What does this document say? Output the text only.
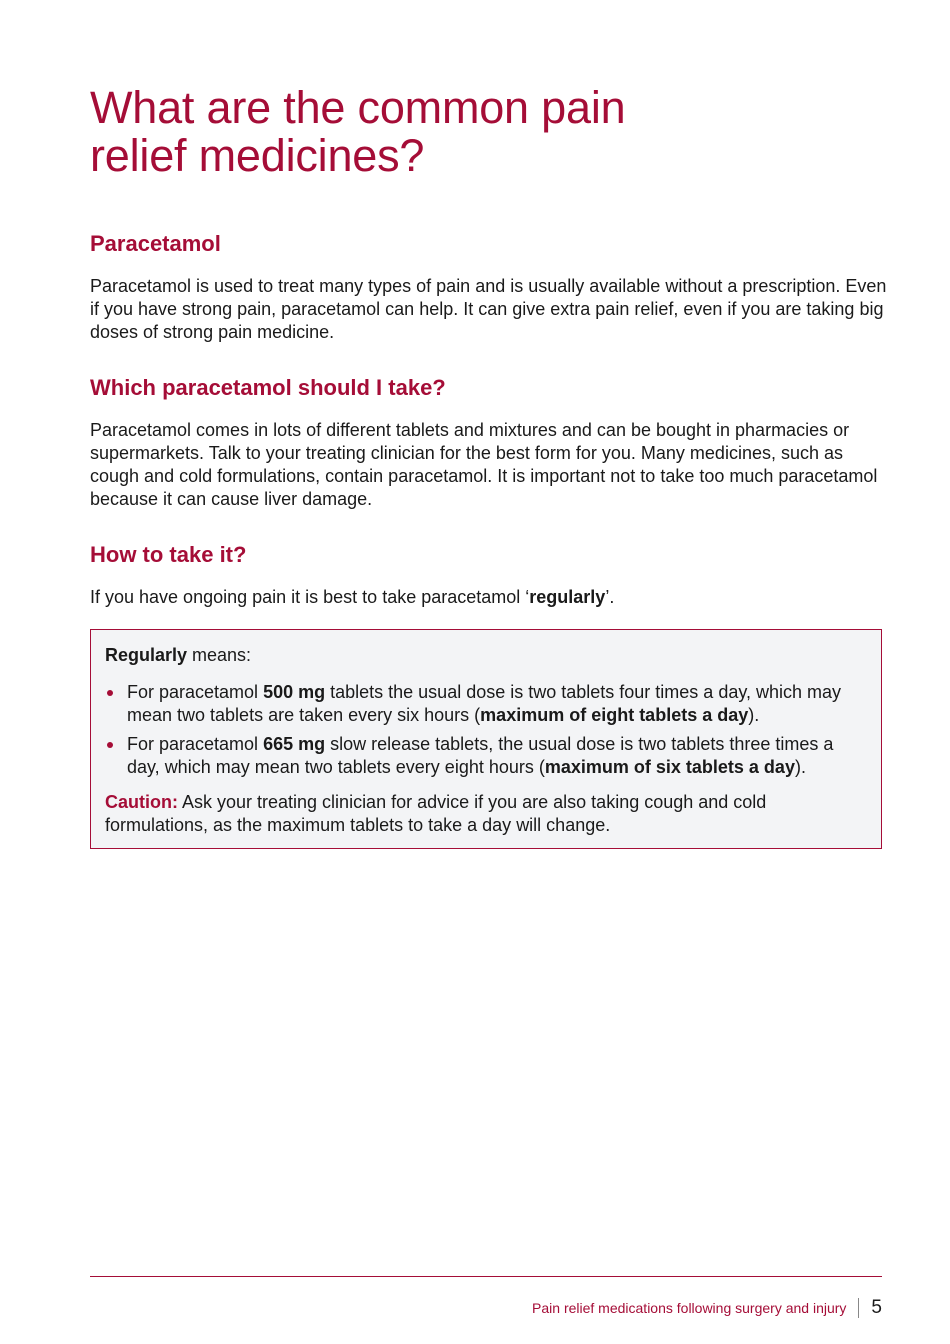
What are the common pain
relief medicines?
Paracetamol

Paracetamol is used to treat many types of pain and is usually available without a prescription. Even if you have strong pain, paracetamol can help. It can give extra pain relief, even if you are taking big doses of strong pain medicine.

Which paracetamol should I take?

Paracetamol comes in lots of different tablets and mixtures and can be bought in pharmacies or supermarkets. Talk to your treating clinician for the best form for you. Many medicines, such as cough and cold formulations, contain paracetamol. It is important not to take too much paracetamol because it can cause liver damage.

How to take it?

If you have ongoing pain it is best to take paracetamol ‘regularly’.

Regularly means:

For paracetamol 500 mg tablets the usual dose is two tablets four times a day, which may mean two tablets are taken every six hours (maximum of eight tablets a day).
For paracetamol 665 mg slow release tablets, the usual dose is two tablets three times a day, which may mean two tablets every eight hours (maximum of six tablets a day).

Caution: Ask your treating clinician for advice if you are also taking cough and cold formulations, as the maximum tablets to take a day will change.

Pain relief medications following surgery and injury 5
